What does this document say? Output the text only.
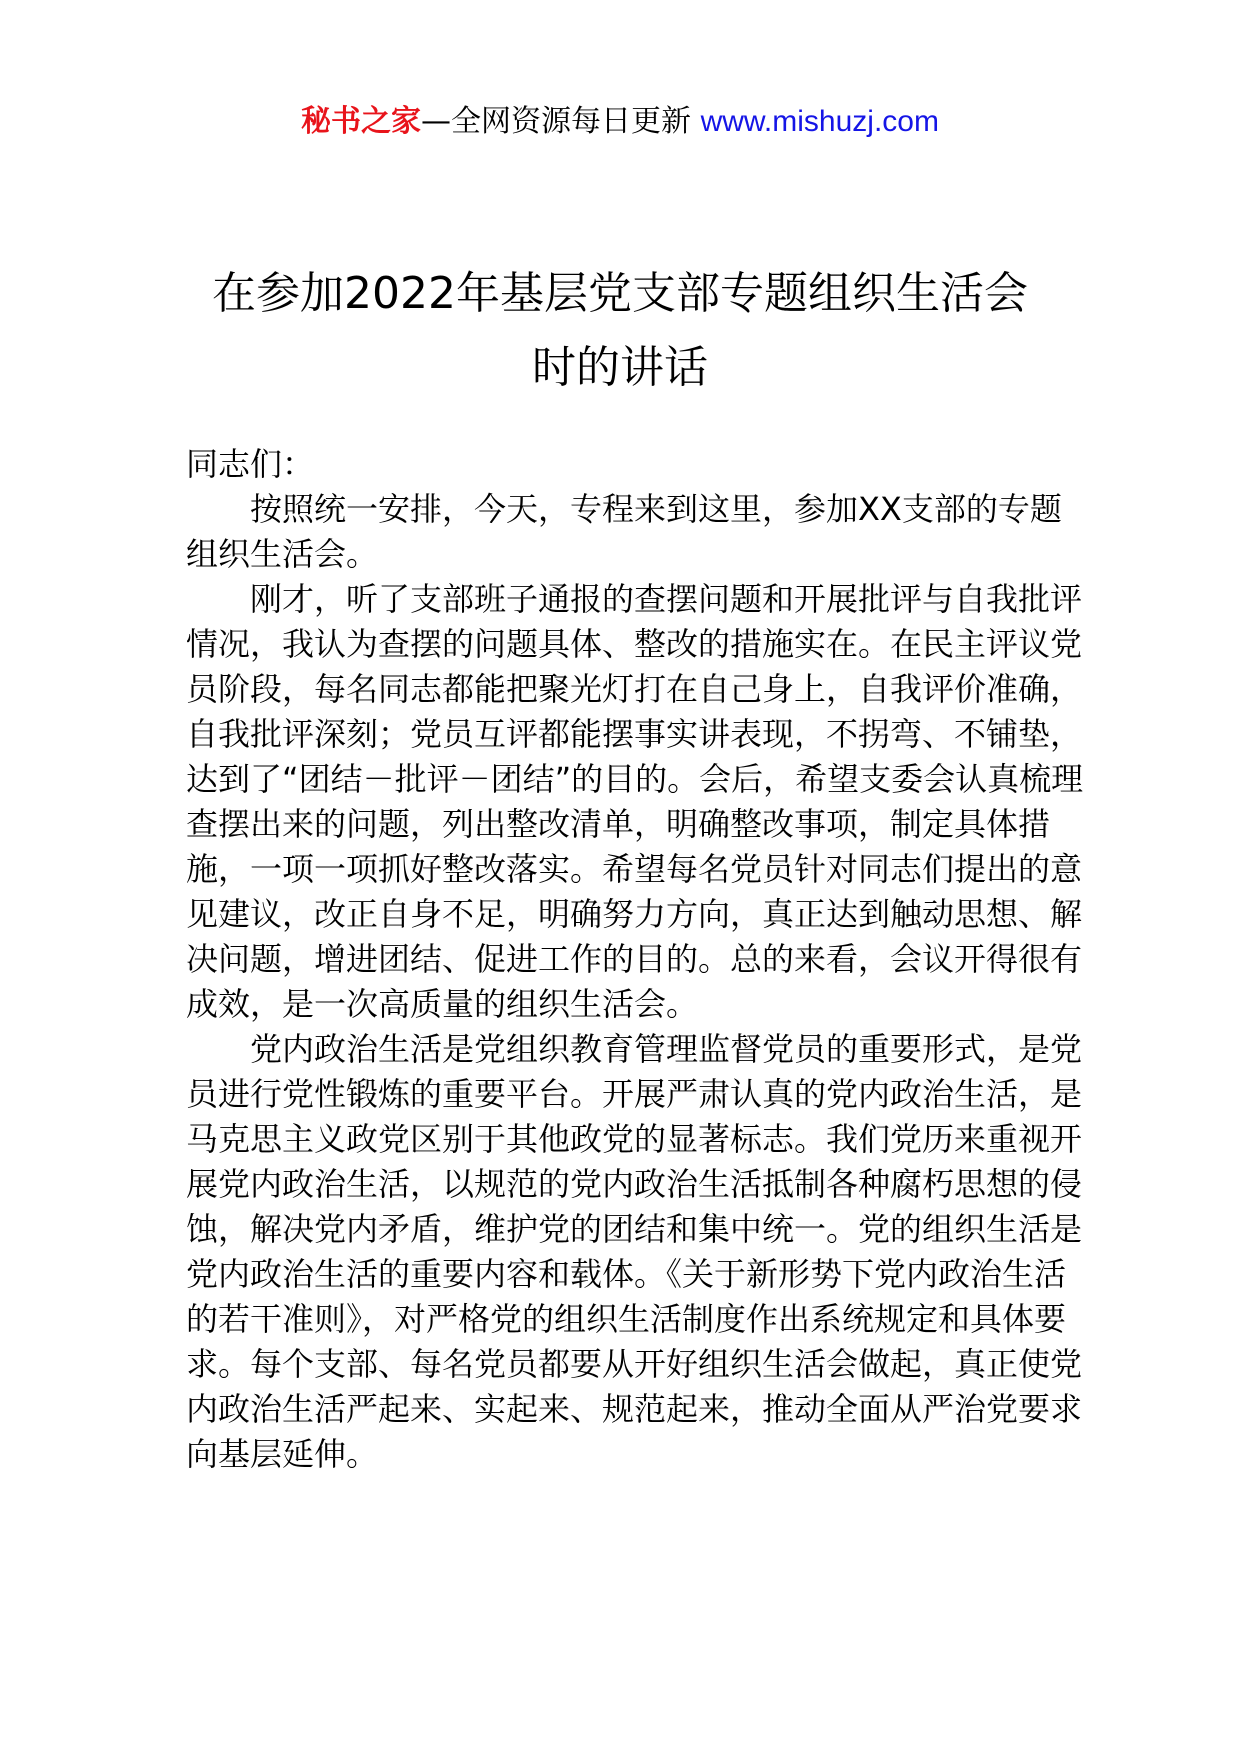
秘书之家—全网资源每日更新 www.mishuzj.com
在参加2022年基层党支部专题组织生活会
时的讲话

同志们：

按照统一安排，今天，专程来到这里，参加XX支部的专题组织生活会。

刚才，听了支部班子通报的查摆问题和开展批评与自我批评情况，我认为查摆的问题具体、整改的措施实在。在民主评议党员阶段，每名同志都能把聚光灯打在自己身上，自我评价准确，自我批评深刻；党员互评都能摆事实讲表现，不拐弯、不铺垫，达到了“团结－批评－团结”的目的。会后，希望支委会认真梳理查摆出来的问题，列出整改清单，明确整改事项，制定具体措施，一项一项抓好整改落实。希望每名党员针对同志们提出的意见建议，改正自身不足，明确努力方向，真正达到触动思想、解决问题，增进团结、促进工作的目的。总的来看，会议开得很有成效，是一次高质量的组织生活会。

党内政治生活是党组织教育管理监督党员的重要形式，是党员进行党性锻炼的重要平台。开展严肃认真的党内政治生活，是马克思主义政党区别于其他政党的显著标志。我们党历来重视开展党内政治生活，以规范的党内政治生活抵制各种腐朽思想的侵蚀，解决党内矛盾，维护党的团结和集中统一。党的组织生活是党内政治生活的重要内容和载体。《关于新形势下党内政治生活的若干准则》，对严格党的组织生活制度作出系统规定和具体要求。每个支部、每名党员都要从开好组织生活会做起，真正使党内政治生活严起来、实起来、规范起来，推动全面从严治党要求向基层延伸。
